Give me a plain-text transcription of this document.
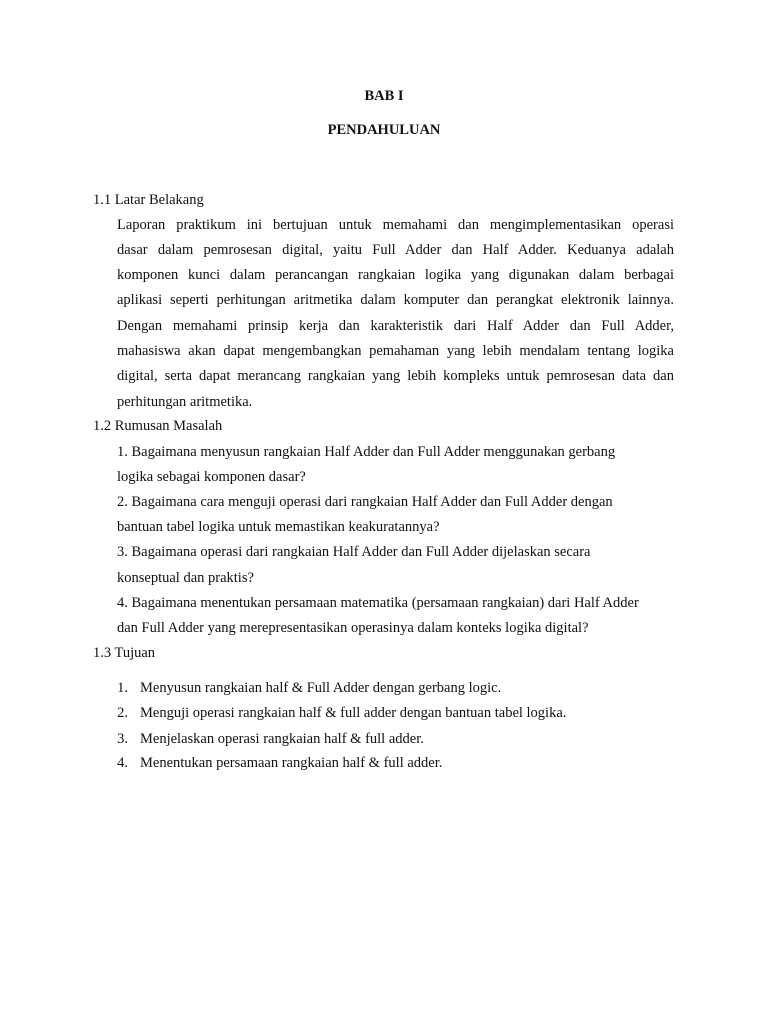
BAB I
PENDAHULUAN
1.1 Latar Belakang
Laporan praktikum ini bertujuan untuk memahami dan mengimplementasikan operasi
dasar dalam pemrosesan digital, yaitu Full Adder dan Half Adder. Keduanya adalah
komponen kunci dalam perancangan rangkaian logika yang digunakan dalam berbagai
aplikasi seperti perhitungan aritmetika dalam komputer dan perangkat elektronik lainnya.
Dengan memahami prinsip kerja dan karakteristik dari Half Adder dan Full Adder,
mahasiswa akan dapat mengembangkan pemahaman yang lebih mendalam tentang logika
digital, serta dapat merancang rangkaian yang lebih kompleks untuk pemrosesan data dan
perhitungan aritmetika.
1.2 Rumusan Masalah
1. Bagaimana menyusun rangkaian Half Adder dan Full Adder menggunakan gerbang
logika sebagai komponen dasar?
2. Bagaimana cara menguji operasi dari rangkaian Half Adder dan Full Adder dengan
bantuan tabel logika untuk memastikan keakuratannya?
3. Bagaimana operasi dari rangkaian Half Adder dan Full Adder dijelaskan secara
konseptual dan praktis?
4. Bagaimana menentukan persamaan matematika (persamaan rangkaian) dari Half Adder
dan Full Adder yang merepresentasikan operasinya dalam konteks logika digital?
1.3 Tujuan
1. Menyusun rangkaian half & Full Adder dengan gerbang logic.
2. Menguji operasi rangkaian half & full adder dengan bantuan tabel logika.
3. Menjelaskan operasi rangkaian half & full adder.
4. Menentukan persamaan rangkaian half & full adder.
